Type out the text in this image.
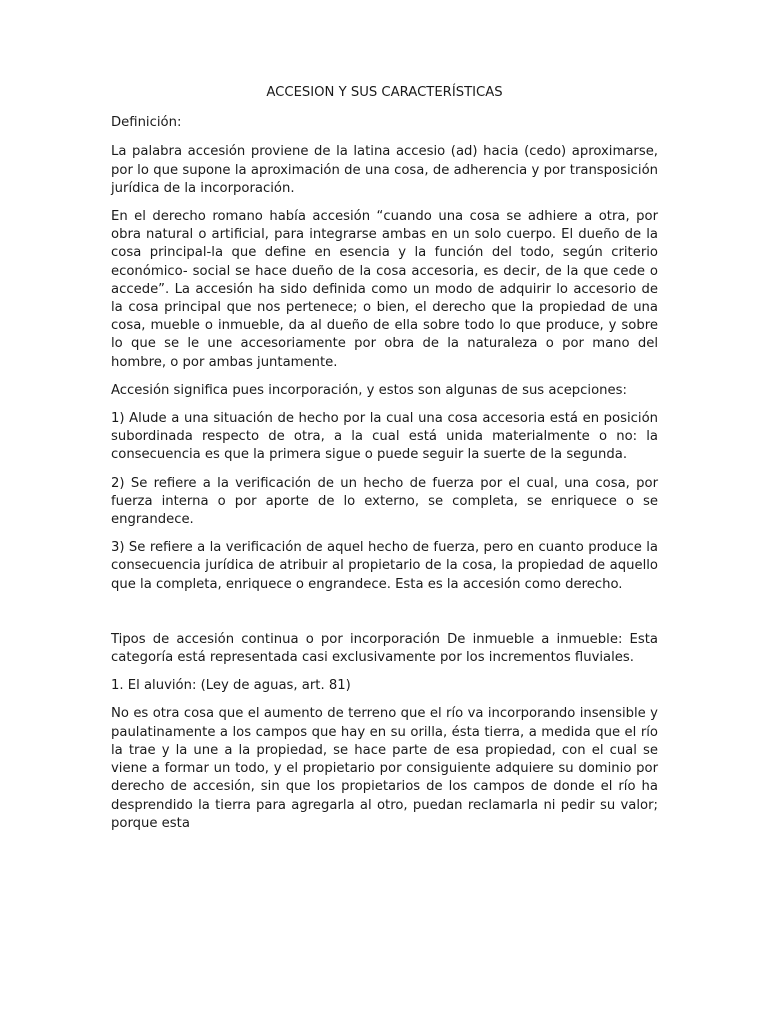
ACCESION Y SUS CARACTERÍSTICAS

Definición:

La palabra accesión proviene de la latina accesio (ad) hacia (cedo) aproximarse, por lo que supone la aproximación de una cosa, de adherencia y por transposición jurídica de la incorporación.

En el derecho romano había accesión “cuando una cosa se adhiere a otra, por obra natural o artificial, para integrarse ambas en un solo cuerpo. El dueño de la cosa principal-la que define en esencia y la función del todo, según criterio económico- social se hace dueño de la cosa accesoria, es decir, de la que cede o accede”. La accesión ha sido definida como un modo de adquirir lo accesorio de la cosa principal que nos pertenece; o bien, el derecho que la propiedad de una cosa, mueble o inmueble, da al dueño de ella sobre todo lo que produce, y sobre lo que se le une accesoriamente por obra de la naturaleza o por mano del hombre, o por ambas juntamente.

Accesión significa pues incorporación, y estos son algunas de sus acepciones:

1) Alude a una situación de hecho por la cual una cosa accesoria está en posición subordinada respecto de otra, a la cual está unida materialmente o no: la consecuencia es que la primera sigue o puede seguir la suerte de la segunda.

2) Se refiere a la verificación de un hecho de fuerza por el cual, una cosa, por fuerza interna o por aporte de lo externo, se completa, se enriquece o se engrandece.

3) Se refiere a la verificación de aquel hecho de fuerza, pero en cuanto produce la consecuencia jurídica de atribuir al propietario de la cosa, la propiedad de aquello que la completa, enriquece o engrandece. Esta es la accesión como derecho.

Tipos de accesión continua o por incorporación De inmueble a inmueble: Esta categoría está representada casi exclusivamente por los incrementos fluviales.

1. El aluvión: (Ley de aguas, art. 81)

No es otra cosa que el aumento de terreno que el río va incorporando insensible y paulatinamente a los campos que hay en su orilla, ésta tierra, a medida que el río la trae y la une a la propiedad, se hace parte de esa propiedad, con el cual se viene a formar un todo, y el propietario por consiguiente adquiere su dominio por derecho de accesión, sin que los propietarios de los campos de donde el río ha desprendido la tierra para agregarla al otro, puedan reclamarla ni pedir su valor; porque esta
